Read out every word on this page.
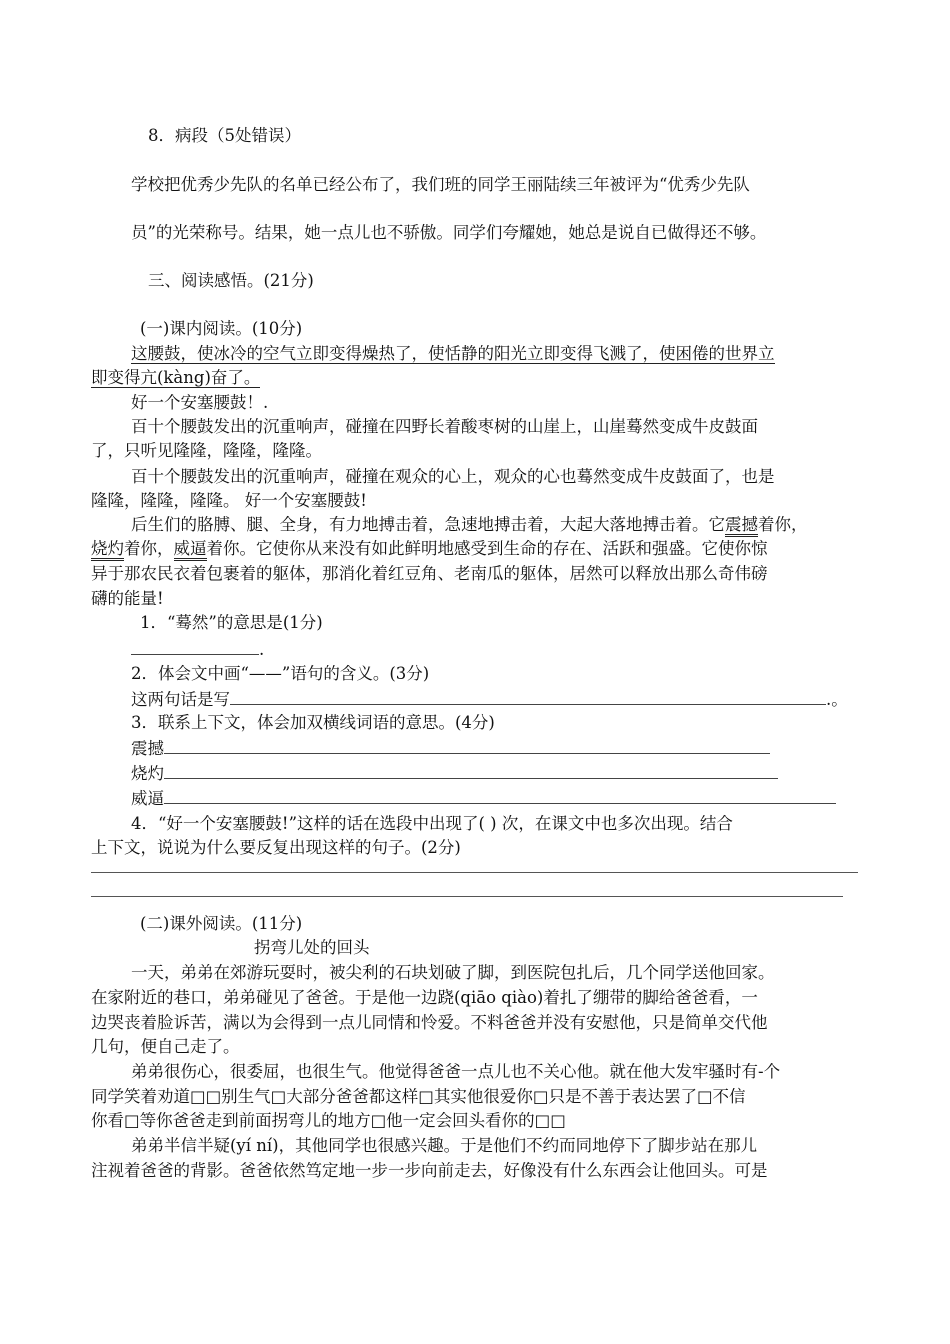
8．病段（5处错误）
学校把优秀少先队的名单已经公布了，我们班的同学王丽陆续三年被评为“优秀少先队
员”的光荣称号。结果，她一点儿也不骄傲。同学们夸耀她，她总是说自已做得还不够。
三、阅读感悟。(21分)
(一)课内阅读。(10分)
这腰鼓，使冰冷的空气立即变得燥热了，使恬静的阳光立即变得飞溅了，使困倦的世界立
即变得亢(kàng)奋了。
好一个安塞腰鼓！.
百十个腰鼓发出的沉重响声，碰撞在四野长着酸枣树的山崖上，山崖蓦然变成牛皮鼓面
了，只听见隆隆，隆隆，隆隆。
百十个腰鼓发出的沉重响声，碰撞在观众的心上，观众的心也蓦然变成牛皮鼓面了，也是
隆隆，隆隆，隆隆。 好一个安塞腰鼓!
后生们的胳膊、腿、全身，有力地搏击着，急速地搏击着，大起大落地搏击着。它震撼着你，
烧灼着你，威逼着你。它使你从来没有如此鲜明地感受到生命的存在、活跃和强盛。它使你惊
异于那农民衣着包裹着的躯体，那消化着红豆角、老南瓜的躯体，居然可以释放出那么奇伟磅
礴的能量!
1．“蓦然”的意思是(1分)
.
2．体会文中画“——”语句的含义。(3分)
这两句话是写	.。
3．联系上下文，体会加双横线词语的意思。(4分)
震撼
烧灼
威逼
4．“好一个安塞腰鼓!”这样的话在选段中出现了( ) 次，在课文中也多次出现。结合
上下文，说说为什么要反复出现这样的句子。(2分)
(二)课外阅读。(11分)
拐弯儿处的回头
一天，弟弟在郊游玩耍时，被尖利的石块划破了脚，到医院包扎后，几个同学送他回家。
在家附近的巷口，弟弟碰见了爸爸。于是他一边跷(qiāo qiào)着扎了绷带的脚给爸爸看，一
边哭丧着脸诉苦，满以为会得到一点儿同情和怜爱。不料爸爸并没有安慰他，只是简单交代他
几句，便自己走了。
弟弟很伤心，很委屈，也很生气。他觉得爸爸一点儿也不关心他。就在他大发牢骚时有-个
同学笑着劝道□□别生气□大部分爸爸都这样□其实他很爱你□只是不善于表达罢了□不信
你看□等你爸爸走到前面拐弯儿的地方□他一定会回头看你的□□
弟弟半信半疑(yí ní)，其他同学也很感兴趣。于是他们不约而同地停下了脚步站在那儿
注视着爸爸的背影。爸爸依然笃定地一步一步向前走去，好像没有什么东西会让他回头。可是
